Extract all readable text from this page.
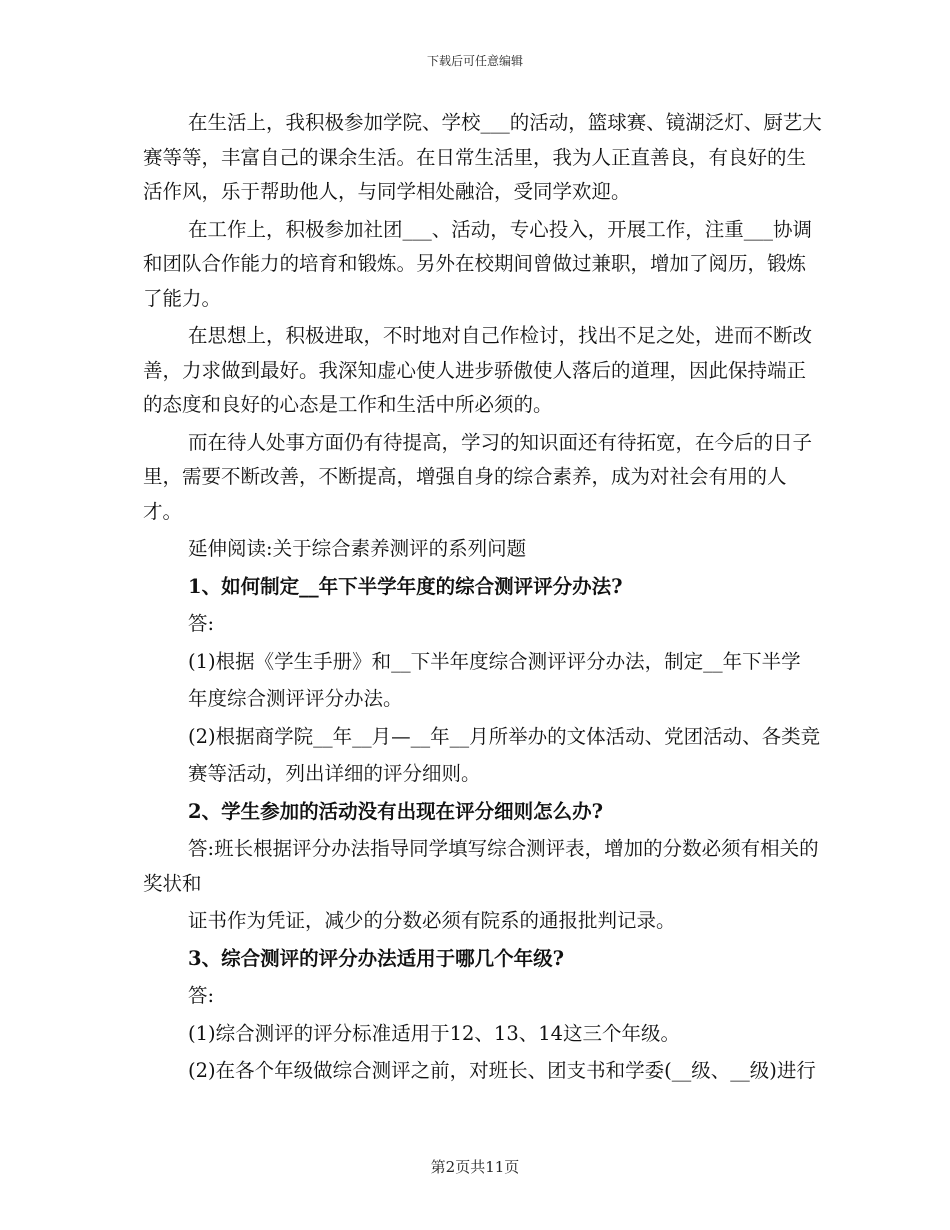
下载后可任意编辑

在生活上，我积极参加学院、学校___的活动，篮球赛、镜湖泛灯、厨艺大赛等等，丰富自己的课余生活。在日常生活里，我为人正直善良，有良好的生活作风，乐于帮助他人，与同学相处融洽，受同学欢迎。

在工作上，积极参加社团___、活动，专心投入，开展工作，注重___协调和团队合作能力的培育和锻炼。另外在校期间曾做过兼职，增加了阅历，锻炼了能力。

在思想上，积极进取，不时地对自己作检讨，找出不足之处，进而不断改善，力求做到最好。我深知虚心使人进步骄傲使人落后的道理，因此保持端正的态度和良好的心态是工作和生活中所必须的。

而在待人处事方面仍有待提高，学习的知识面还有待拓宽，在今后的日子里，需要不断改善，不断提高，增强自身的综合素养，成为对社会有用的人才。

延伸阅读:关于综合素养测评的系列问题

1、如何制定__年下半学年度的综合测评评分办法?

答:

(1)根据《学生手册》和__下半年度综合测评评分办法，制定__年下半学

年度综合测评评分办法。

(2)根据商学院__年__月—__年__月所举办的文体活动、党团活动、各类竞

赛等活动，列出详细的评分细则。

2、学生参加的活动没有出现在评分细则怎么办?

答:班长根据评分办法指导同学填写综合测评表，增加的分数必须有相关的奖状和

证书作为凭证，减少的分数必须有院系的通报批判记录。

3、综合测评的评分办法适用于哪几个年级?

答:

(1)综合测评的评分标准适用于12、13、14这三个年级。

(2)在各个年级做综合测评之前，对班长、团支书和学委(__级、__级)进行

第2页共11页
